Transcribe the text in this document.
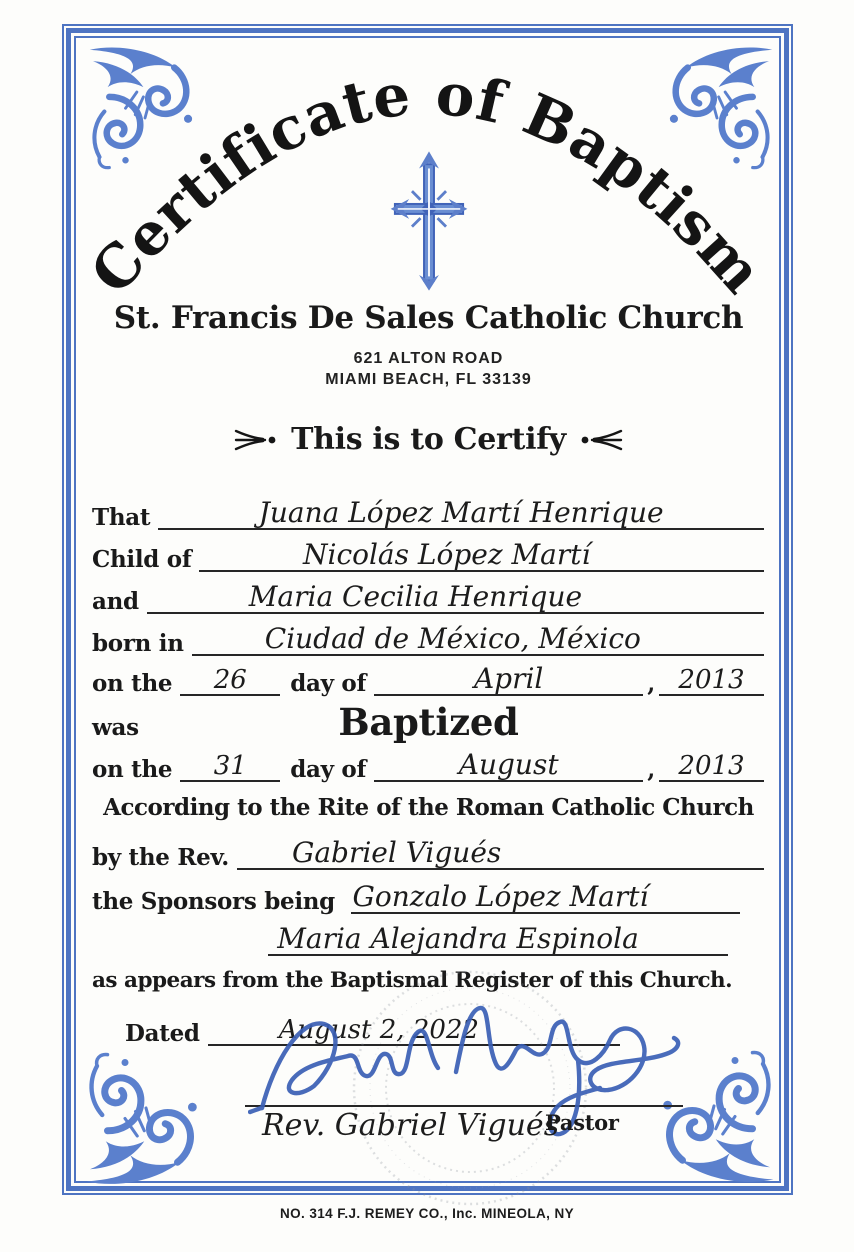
Certificate of Baptism
St. Francis De Sales Catholic Church
621 ALTON ROAD
MIAMI BEACH, FL 33139
This is to Certify
That	Juana López Martí Henrique
Child of	Nicolás López Martí
and	Maria Cecilia Henrique
born in	Ciudad de México, México
on the	26	day of	April	, 2013
was	Baptized
on the	31	day of	August	, 2013
According to the Rite of the Roman Catholic Church
by the Rev.	Gabriel Vigués
the Sponsors being Gonzalo López Martí
Maria Alejandra Espinola
as appears from the Baptismal Register of this Church.
Dated	August 2, 2022
Rev. Gabriel Vigués
Pastor
NO. 314 F.J. REMEY CO., Inc. MINEOLA, NY
